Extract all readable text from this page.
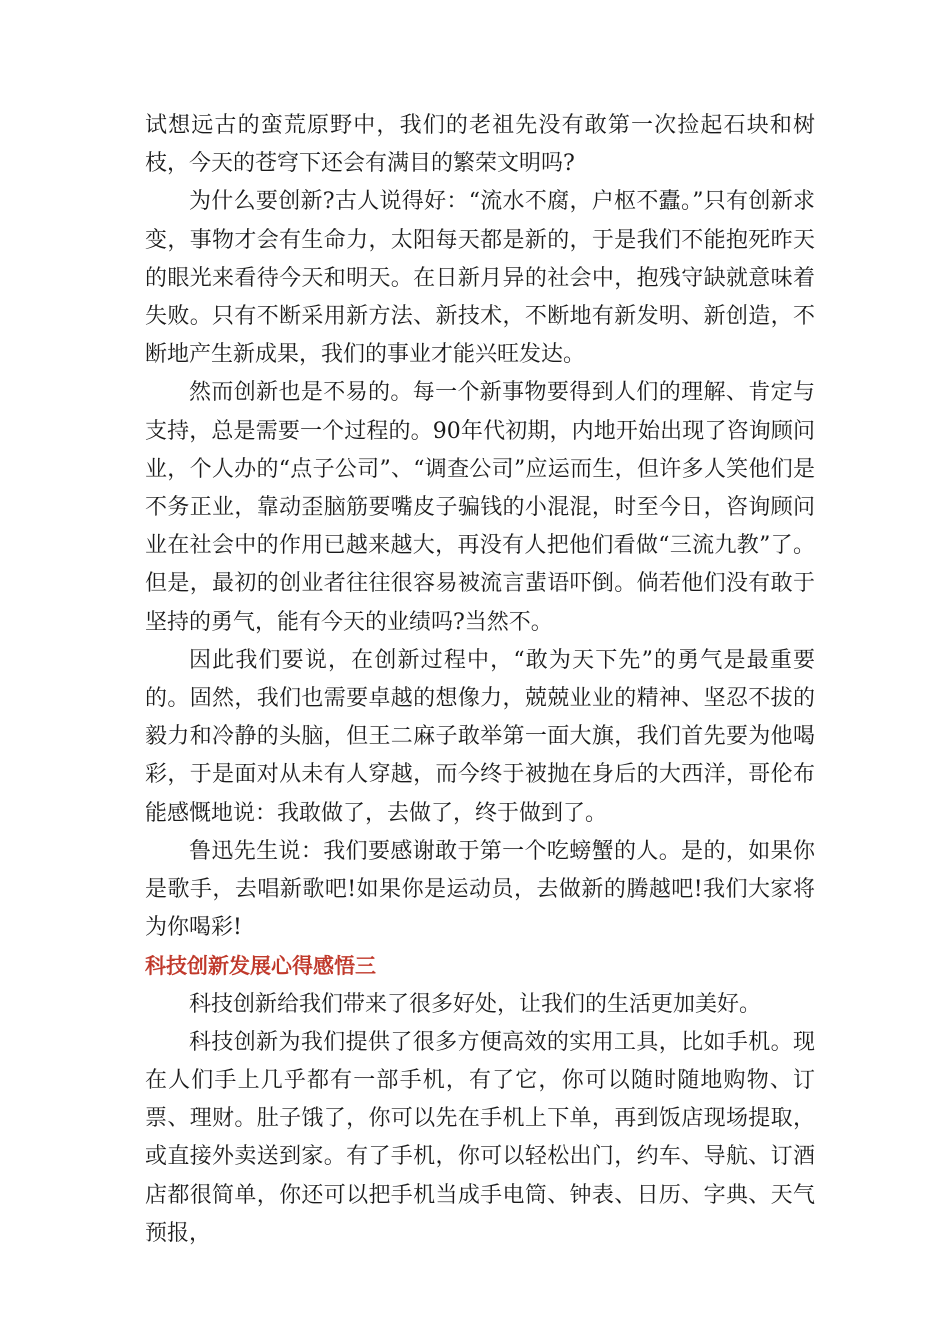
试想远古的蛮荒原野中，我们的老祖先没有敢第一次捡起石块和树枝，今天的苍穹下还会有满目的繁荣文明吗?

为什么要创新?古人说得好：“流水不腐，户枢不蠹。”只有创新求变，事物才会有生命力，太阳每天都是新的，于是我们不能抱死昨天的眼光来看待今天和明天。在日新月异的社会中，抱残守缺就意味着失败。只有不断采用新方法、新技术，不断地有新发明、新创造，不断地产生新成果，我们的事业才能兴旺发达。

然而创新也是不易的。每一个新事物要得到人们的理解、肯定与支持，总是需要一个过程的。90年代初期，内地开始出现了咨询顾问业，个人办的“点子公司”、“调查公司”应运而生，但许多人笑他们是不务正业，靠动歪脑筋要嘴皮子骗钱的小混混，时至今日，咨询顾问业在社会中的作用已越来越大，再没有人把他们看做“三流九教”了。但是，最初的创业者往往很容易被流言蜚语吓倒。倘若他们没有敢于坚持的勇气，能有今天的业绩吗?当然不。

因此我们要说，在创新过程中，“敢为天下先”的勇气是最重要的。固然，我们也需要卓越的想像力，兢兢业业的精神、坚忍不拔的毅力和冷静的头脑，但王二麻子敢举第一面大旗，我们首先要为他喝彩，于是面对从未有人穿越，而今终于被抛在身后的大西洋，哥伦布能感慨地说：我敢做了，去做了，终于做到了。

鲁迅先生说：我们要感谢敢于第一个吃螃蟹的人。是的，如果你是歌手，去唱新歌吧!如果你是运动员，去做新的腾越吧!我们大家将为你喝彩!

科技创新发展心得感悟三

科技创新给我们带来了很多好处，让我们的生活更加美好。

科技创新为我们提供了很多方便高效的实用工具，比如手机。现在人们手上几乎都有一部手机，有了它，你可以随时随地购物、订票、理财。肚子饿了，你可以先在手机上下单，再到饭店现场提取，或直接外卖送到家。有了手机，你可以轻松出门，约车、导航、订酒店都很简单，你还可以把手机当成手电筒、钟表、日历、字典、天气预报，
